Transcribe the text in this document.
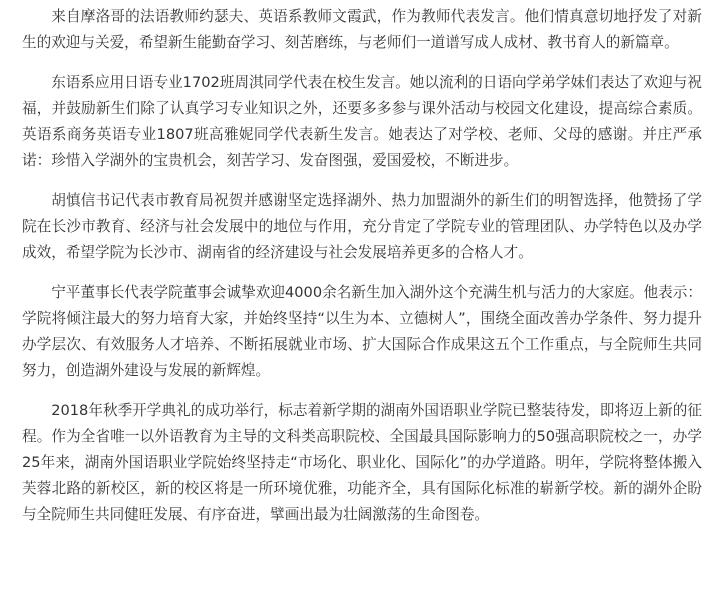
来自摩洛哥的法语教师约瑟夫、英语系教师文霞武，作为教师代表发言。他们情真意切地抒发了对新生的欢迎与关爱，希望新生能勤奋学习、刻苦磨练，与老师们一道谱写成人成材、教书育人的新篇章。

东语系应用日语专业1702班周淇同学代表在校生发言。她以流利的日语向学弟学妹们表达了欢迎与祝福，并鼓励新生们除了认真学习专业知识之外，还要多多参与课外活动与校园文化建设，提高综合素质。英语系商务英语专业1807班高雅妮同学代表新生发言。她表达了对学校、老师、父母的感谢。并庄严承诺：珍惜入学湖外的宝贵机会，刻苦学习、发奋图强，爱国爱校，不断进步。

胡慎信书记代表市教育局祝贺并感谢坚定选择湖外、热力加盟湖外的新生们的明智选择，他赞扬了学院在长沙市教育、经济与社会发展中的地位与作用，充分肯定了学院专业的管理团队、办学特色以及办学成效，希望学院为长沙市、湖南省的经济建设与社会发展培养更多的合格人才。

宁平董事长代表学院董事会诚挚欢迎4000余名新生加入湖外这个充满生机与活力的大家庭。他表示：学院将倾注最大的努力培育大家，并始终坚持“以生为本、立德树人”，围绕全面改善办学条件、努力提升办学层次、有效服务人才培养、不断拓展就业市场、扩大国际合作成果这五个工作重点，与全院师生共同努力，创造湖外建设与发展的新辉煌。

2018年秋季开学典礼的成功举行，标志着新学期的湖南外国语职业学院已整装待发，即将迈上新的征程。作为全省唯一以外语教育为主导的文科类高职院校、全国最具国际影响力的50强高职院校之一，办学25年来，湖南外国语职业学院始终坚持走“市场化、职业化、国际化”的办学道路。明年，学院将整体搬入芙蓉北路的新校区，新的校区将是一所环境优雅，功能齐全，具有国际化标准的崭新学校。新的湖外企盼与全院师生共同健旺发展、有序奋进，擘画出最为壮阔激荡的生命图卷。
